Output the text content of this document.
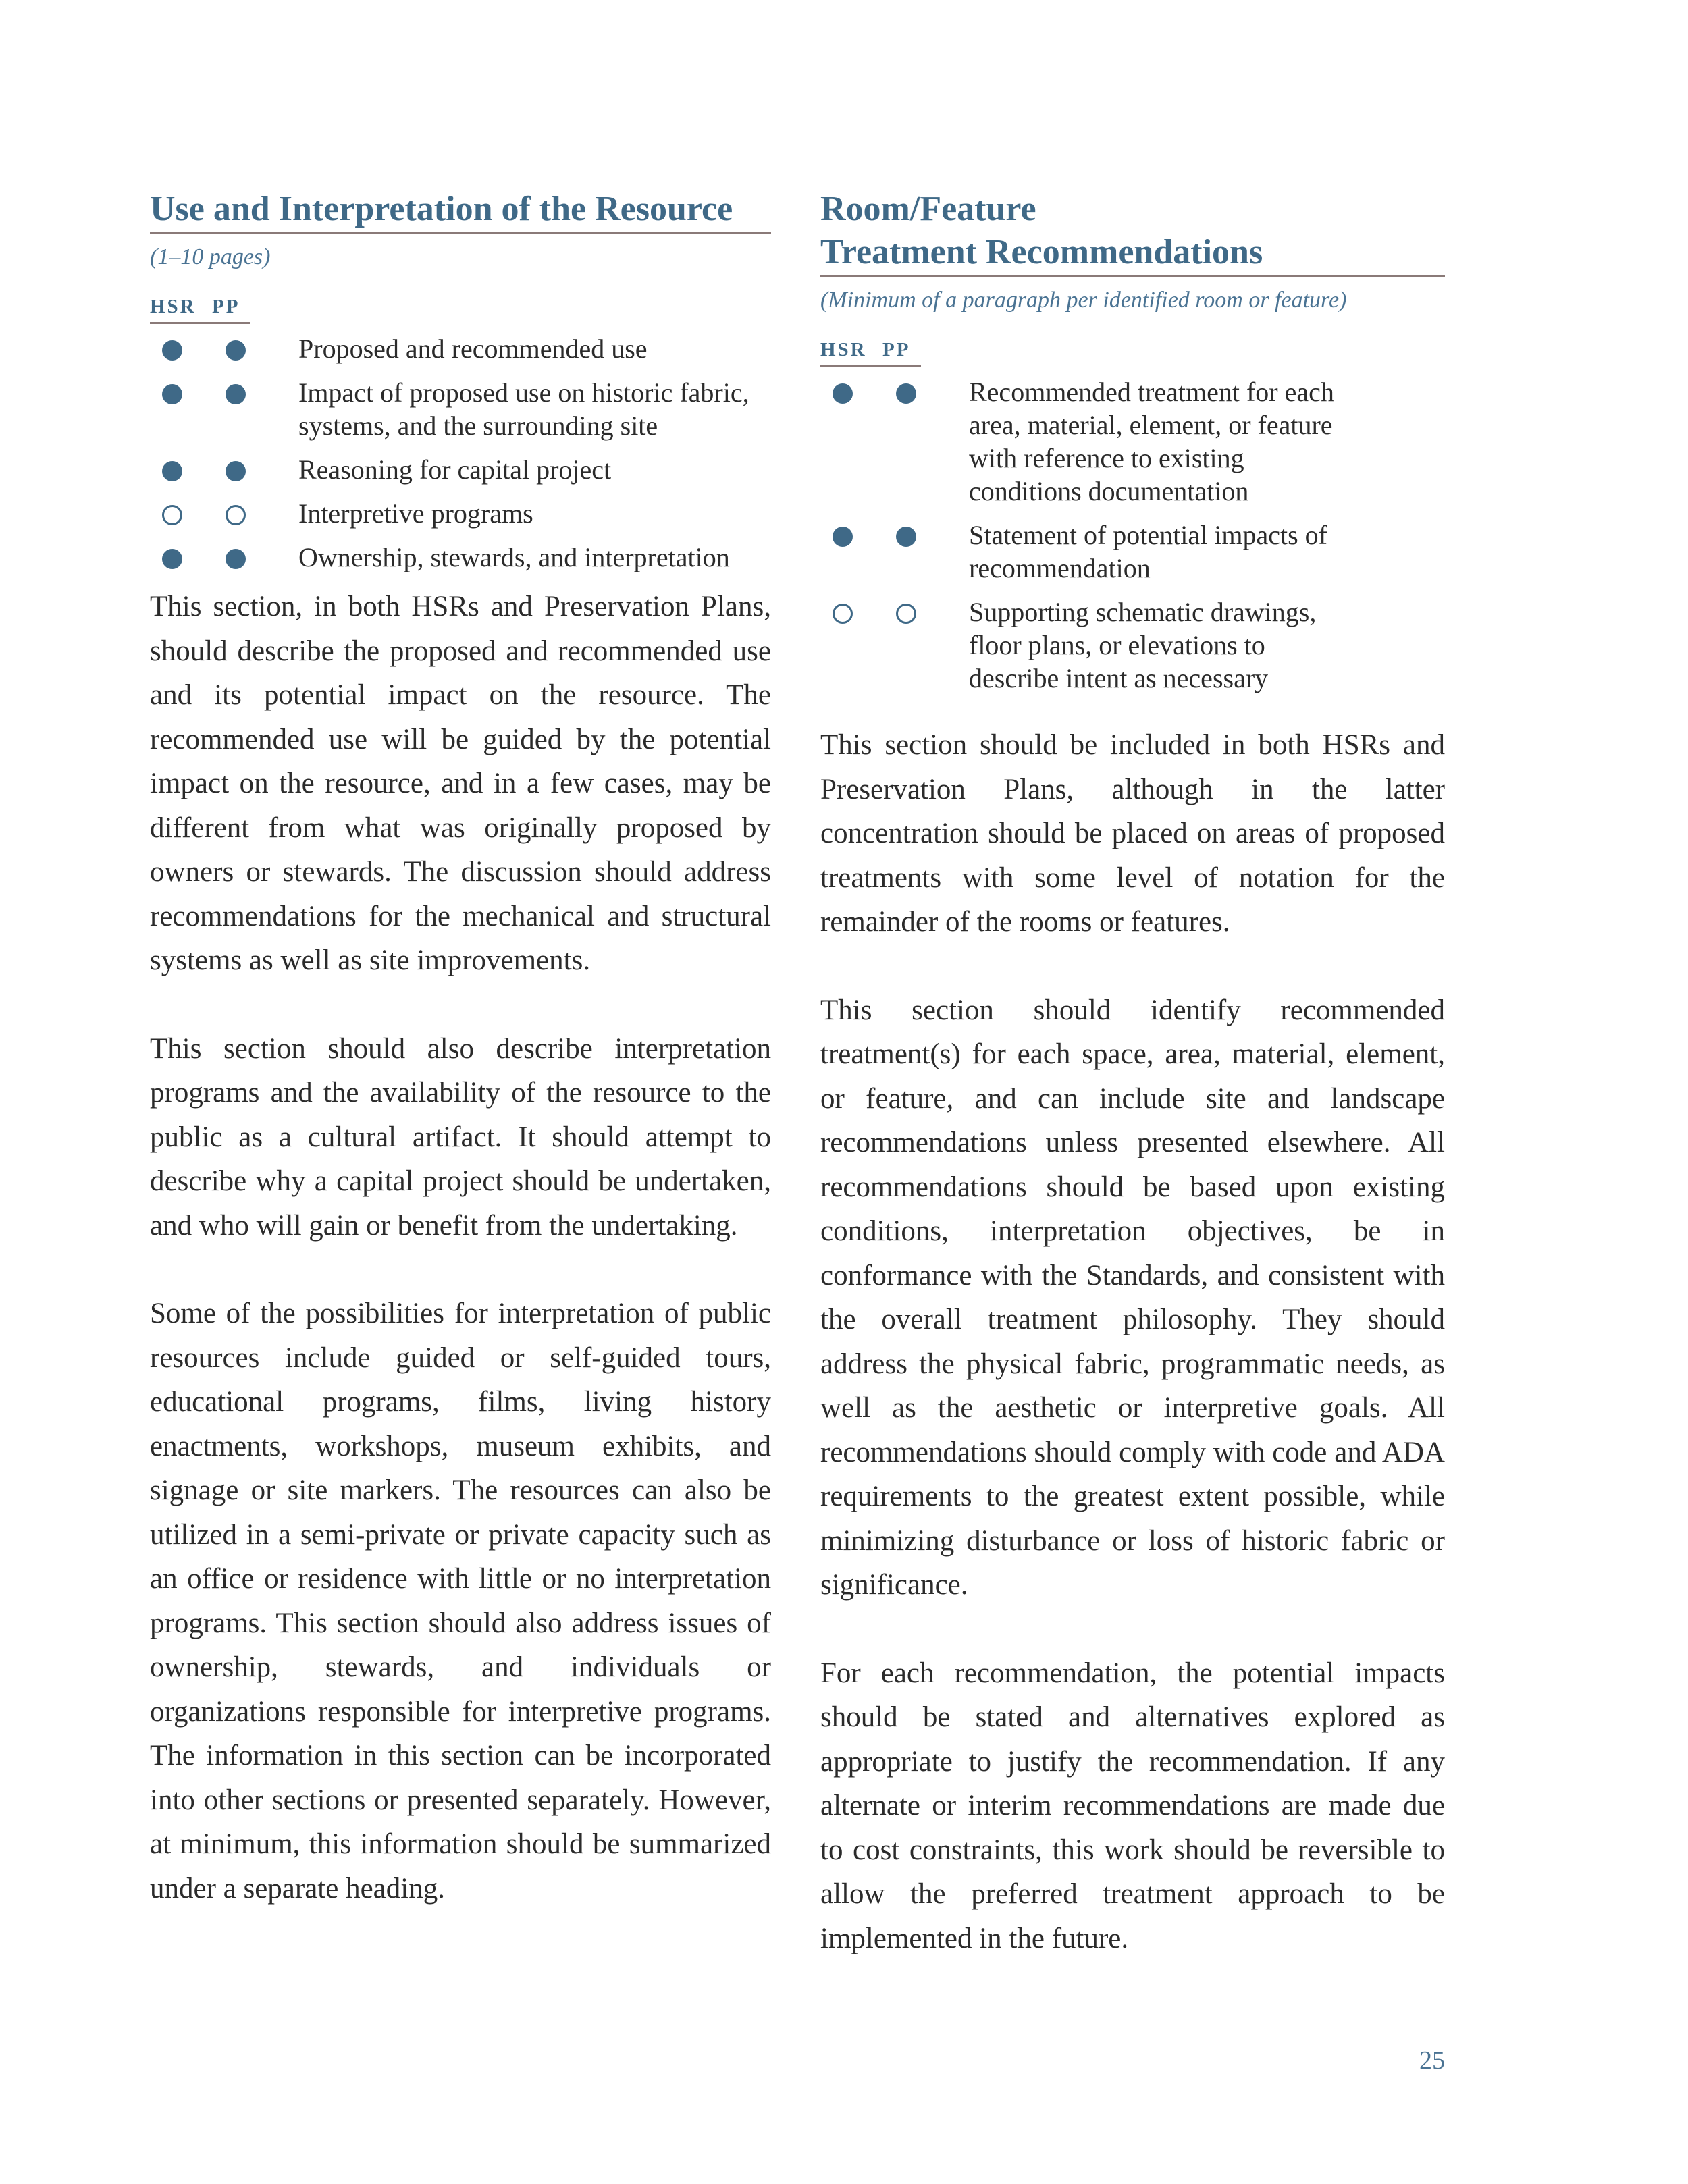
Use and Interpretation of the Resource

(1–10 pages)

HSR PP
Proposed and recommended use
Impact of proposed use on historic fabric, systems, and the surrounding site
Reasoning for capital project
Interpretive programs
Ownership, stewards, and interpretation

This section, in both HSRs and Preservation Plans, should describe the proposed and recommended use and its potential impact on the resource. The recommended use will be guided by the potential impact on the resource, and in a few cases, may be different from what was originally proposed by owners or stewards. The discussion should address recommendations for the mechanical and structural systems as well as site improvements.

This section should also describe interpretation programs and the availability of the resource to the public as a cultural artifact. It should attempt to describe why a capital project should be undertaken, and who will gain or benefit from the undertaking.

Some of the possibilities for interpretation of public resources include guided or self-guided tours, educational programs, films, living history enactments, workshops, museum exhibits, and signage or site markers. The resources can also be utilized in a semi-private or private capacity such as an office or residence with little or no interpretation programs. This section should also address issues of ownership, stewards, and individuals or organizations responsible for interpretive programs. The information in this section can be incorporated into other sections or presented separately. However, at minimum, this information should be summarized under a separate heading.

Room/Feature
Treatment Recommendations

(Minimum of a paragraph per identified room or feature)

HSR PP
Recommended treatment for each area, material, element, or feature with reference to existing conditions documentation
Statement of potential impacts of recommendation
Supporting schematic drawings, floor plans, or elevations to describe intent as necessary

This section should be included in both HSRs and Preservation Plans, although in the latter concentration should be placed on areas of proposed treatments with some level of notation for the remainder of the rooms or features.

This section should identify recommended treatment(s) for each space, area, material, element, or feature, and can include site and landscape recommendations unless presented elsewhere. All recommendations should be based upon existing conditions, interpretation objectives, be in conformance with the Standards, and consistent with the overall treatment philosophy. They should address the physical fabric, programmatic needs, as well as the aesthetic or interpretive goals. All recommendations should comply with code and ADA requirements to the greatest extent possible, while minimizing disturbance or loss of historic fabric or significance.

For each recommendation, the potential impacts should be stated and alternatives explored as appropriate to justify the recommendation. If any alternate or interim recommendations are made due to cost constraints, this work should be reversible to allow the preferred treatment approach to be implemented in the future.

25
